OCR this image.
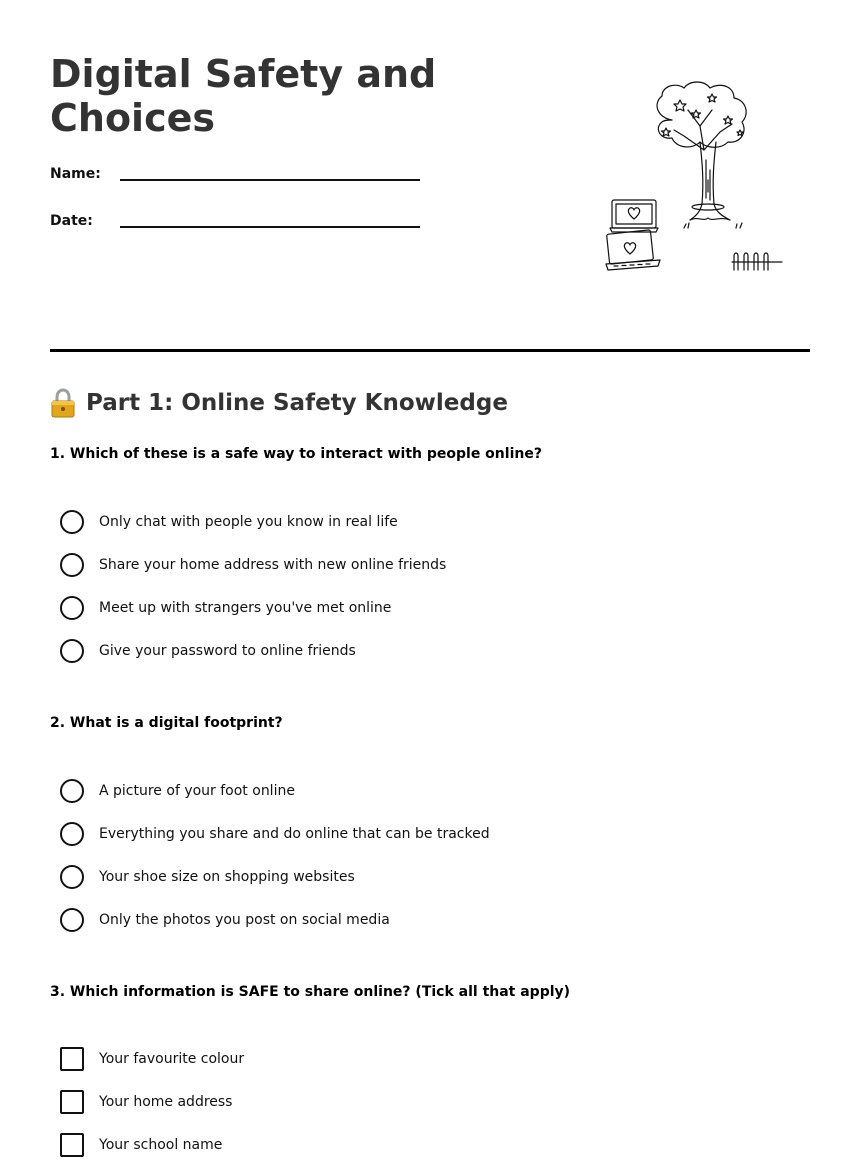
Digital Safety and Choices
Name:
Date:
Part 1: Online Safety Knowledge

1. Which of these is a safe way to interact with people online?

Only chat with people you know in real life
Share your home address with new online friends
Meet up with strangers you've met online
Give your password to online friends

2. What is a digital footprint?

A picture of your foot online
Everything you share and do online that can be tracked
Your shoe size on shopping websites
Only the photos you post on social media

3. Which information is SAFE to share online? (Tick all that apply)

Your favourite colour
Your home address
Your school name
